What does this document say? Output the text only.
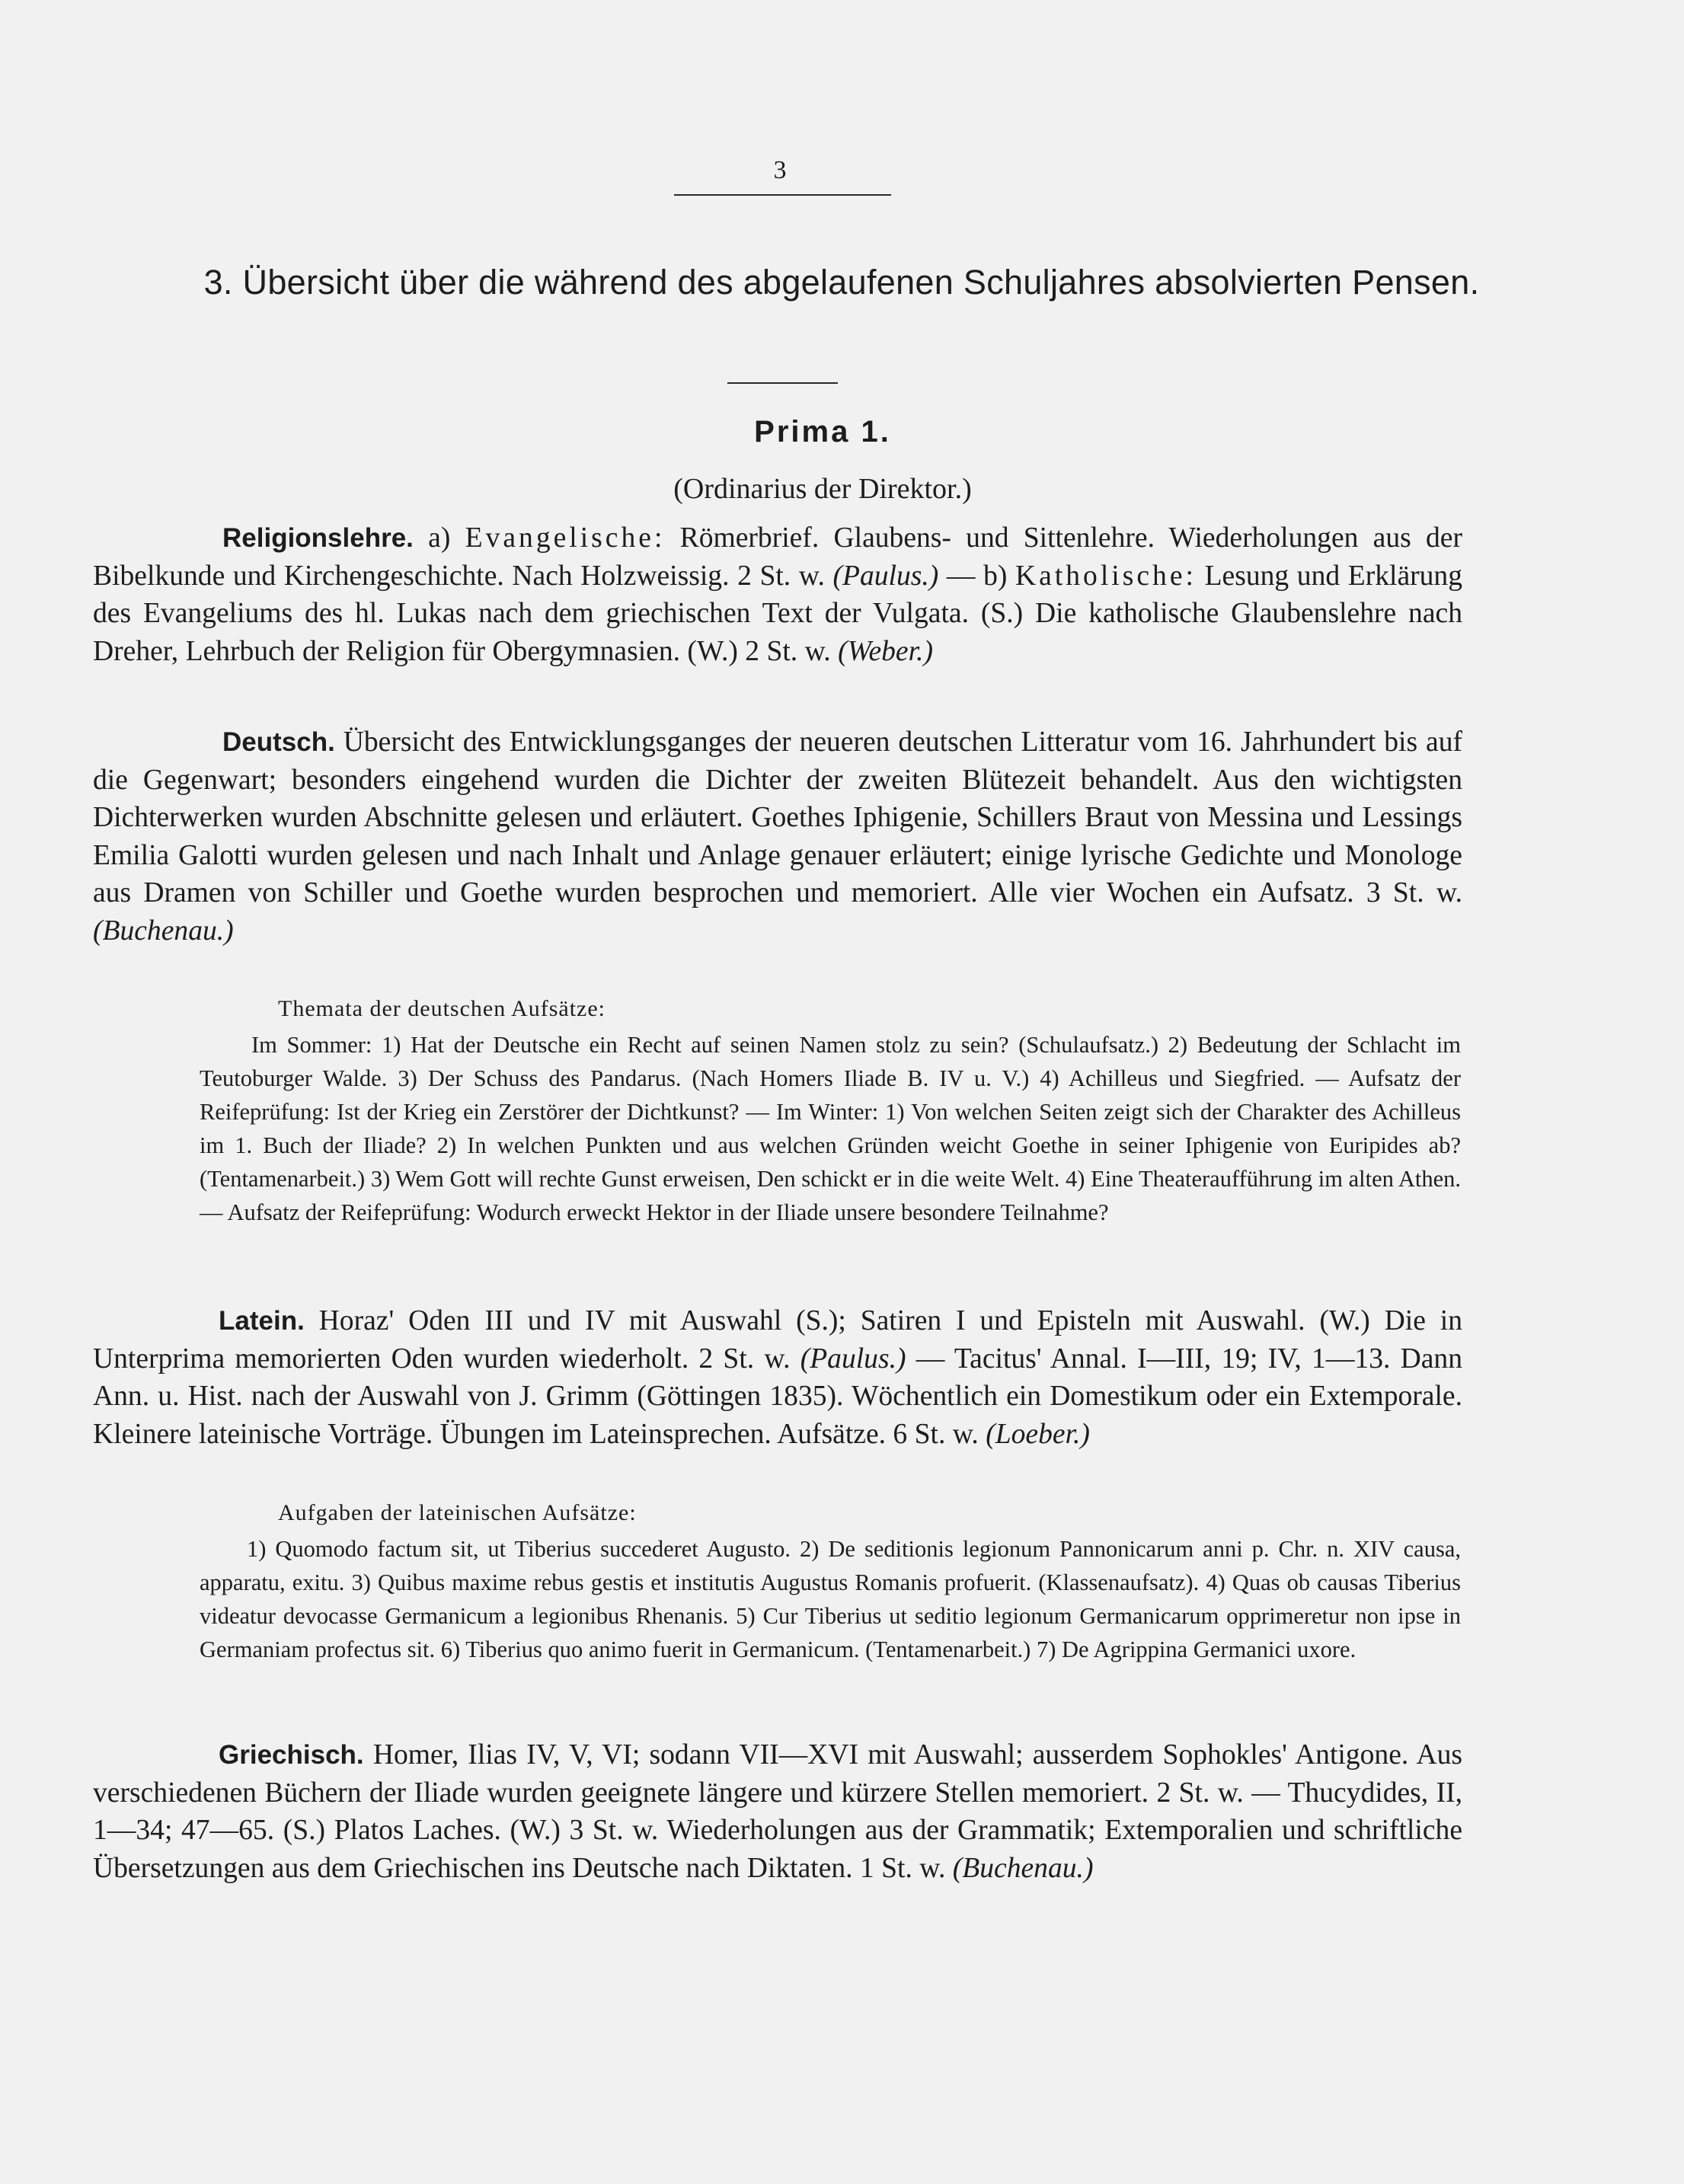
3
3. Übersicht über die während des abgelaufenen Schuljahres absolvierten Pensen.
Prima 1.
(Ordinarius der Direktor.)
Religionslehre. a) Evangelische: Römerbrief. Glaubens- und Sittenlehre. Wiederholungen aus der Bibelkunde und Kirchengeschichte. Nach Holzweissig. 2 St. w. (Paulus.) — b) Katholische: Lesung und Erklärung des Evangeliums des hl. Lukas nach dem griechischen Text der Vulgata. (S.) Die katholische Glaubenslehre nach Dreher, Lehrbuch der Religion für Obergymnasien. (W.) 2 St. w. (Weber.)
Deutsch. Übersicht des Entwicklungsganges der neueren deutschen Litteratur vom 16. Jahrhundert bis auf die Gegenwart; besonders eingehend wurden die Dichter der zweiten Blütezeit behandelt. Aus den wichtigsten Dichterwerken wurden Abschnitte gelesen und erläutert. Goethes Iphigenie, Schillers Braut von Messina und Lessings Emilia Galotti wurden gelesen und nach Inhalt und Anlage genauer erläutert; einige lyrische Gedichte und Monologe aus Dramen von Schiller und Goethe wurden besprochen und memoriert. Alle vier Wochen ein Aufsatz. 3 St. w. (Buchenau.)
Themata der deutschen Aufsätze:
Im Sommer: 1) Hat der Deutsche ein Recht auf seinen Namen stolz zu sein? (Schulaufsatz.) 2) Bedeutung der Schlacht im Teutoburger Walde. 3) Der Schuss des Pandarus. (Nach Homers Iliade B. IV u. V.) 4) Achilleus und Siegfried. — Aufsatz der Reifeprüfung: Ist der Krieg ein Zerstörer der Dichtkunst? — Im Winter: 1) Von welchen Seiten zeigt sich der Charakter des Achilleus im 1. Buch der Iliade? 2) In welchen Punkten und aus welchen Gründen weicht Goethe in seiner Iphigenie von Euripides ab? (Tentamenarbeit.) 3) Wem Gott will rechte Gunst erweisen, Den schickt er in die weite Welt. 4) Eine Theateraufführung im alten Athen. — Aufsatz der Reifeprüfung: Wodurch erweckt Hektor in der Iliade unsere besondere Teilnahme?
Latein. Horaz' Oden III und IV mit Auswahl (S.); Satiren I und Episteln mit Auswahl. (W.) Die in Unterprima memorierten Oden wurden wiederholt. 2 St. w. (Paulus.) — Tacitus' Annal. I—III, 19; IV, 1—13. Dann Ann. u. Hist. nach der Auswahl von J. Grimm (Göttingen 1835). Wöchentlich ein Domestikum oder ein Extemporale. Kleinere lateinische Vorträge. Übungen im Lateinsprechen. Aufsätze. 6 St. w. (Loeber.)
Aufgaben der lateinischen Aufsätze:
1) Quomodo factum sit, ut Tiberius succederet Augusto. 2) De seditionis legionum Pannonicarum anni p. Chr. n. XIV causa, apparatu, exitu. 3) Quibus maxime rebus gestis et institutis Augustus Romanis profuerit. (Klassenaufsatz). 4) Quas ob causas Tiberius videatur devocasse Germanicum a legionibus Rhenanis. 5) Cur Tiberius ut seditio legionum Germanicarum opprimeretur non ipse in Germaniam profectus sit. 6) Tiberius quo animo fuerit in Germanicum. (Tentamenarbeit.) 7) De Agrippina Germanici uxore.
Griechisch. Homer, Ilias IV, V, VI; sodann VII—XVI mit Auswahl; ausserdem Sophokles' Antigone. Aus verschiedenen Büchern der Iliade wurden geeignete längere und kürzere Stellen memoriert. 2 St. w. — Thucydides, II, 1—34; 47—65. (S.) Platos Laches. (W.) 3 St. w. Wiederholungen aus der Grammatik; Extemporalien und schriftliche Übersetzungen aus dem Griechischen ins Deutsche nach Diktaten. 1 St. w. (Buchenau.)
